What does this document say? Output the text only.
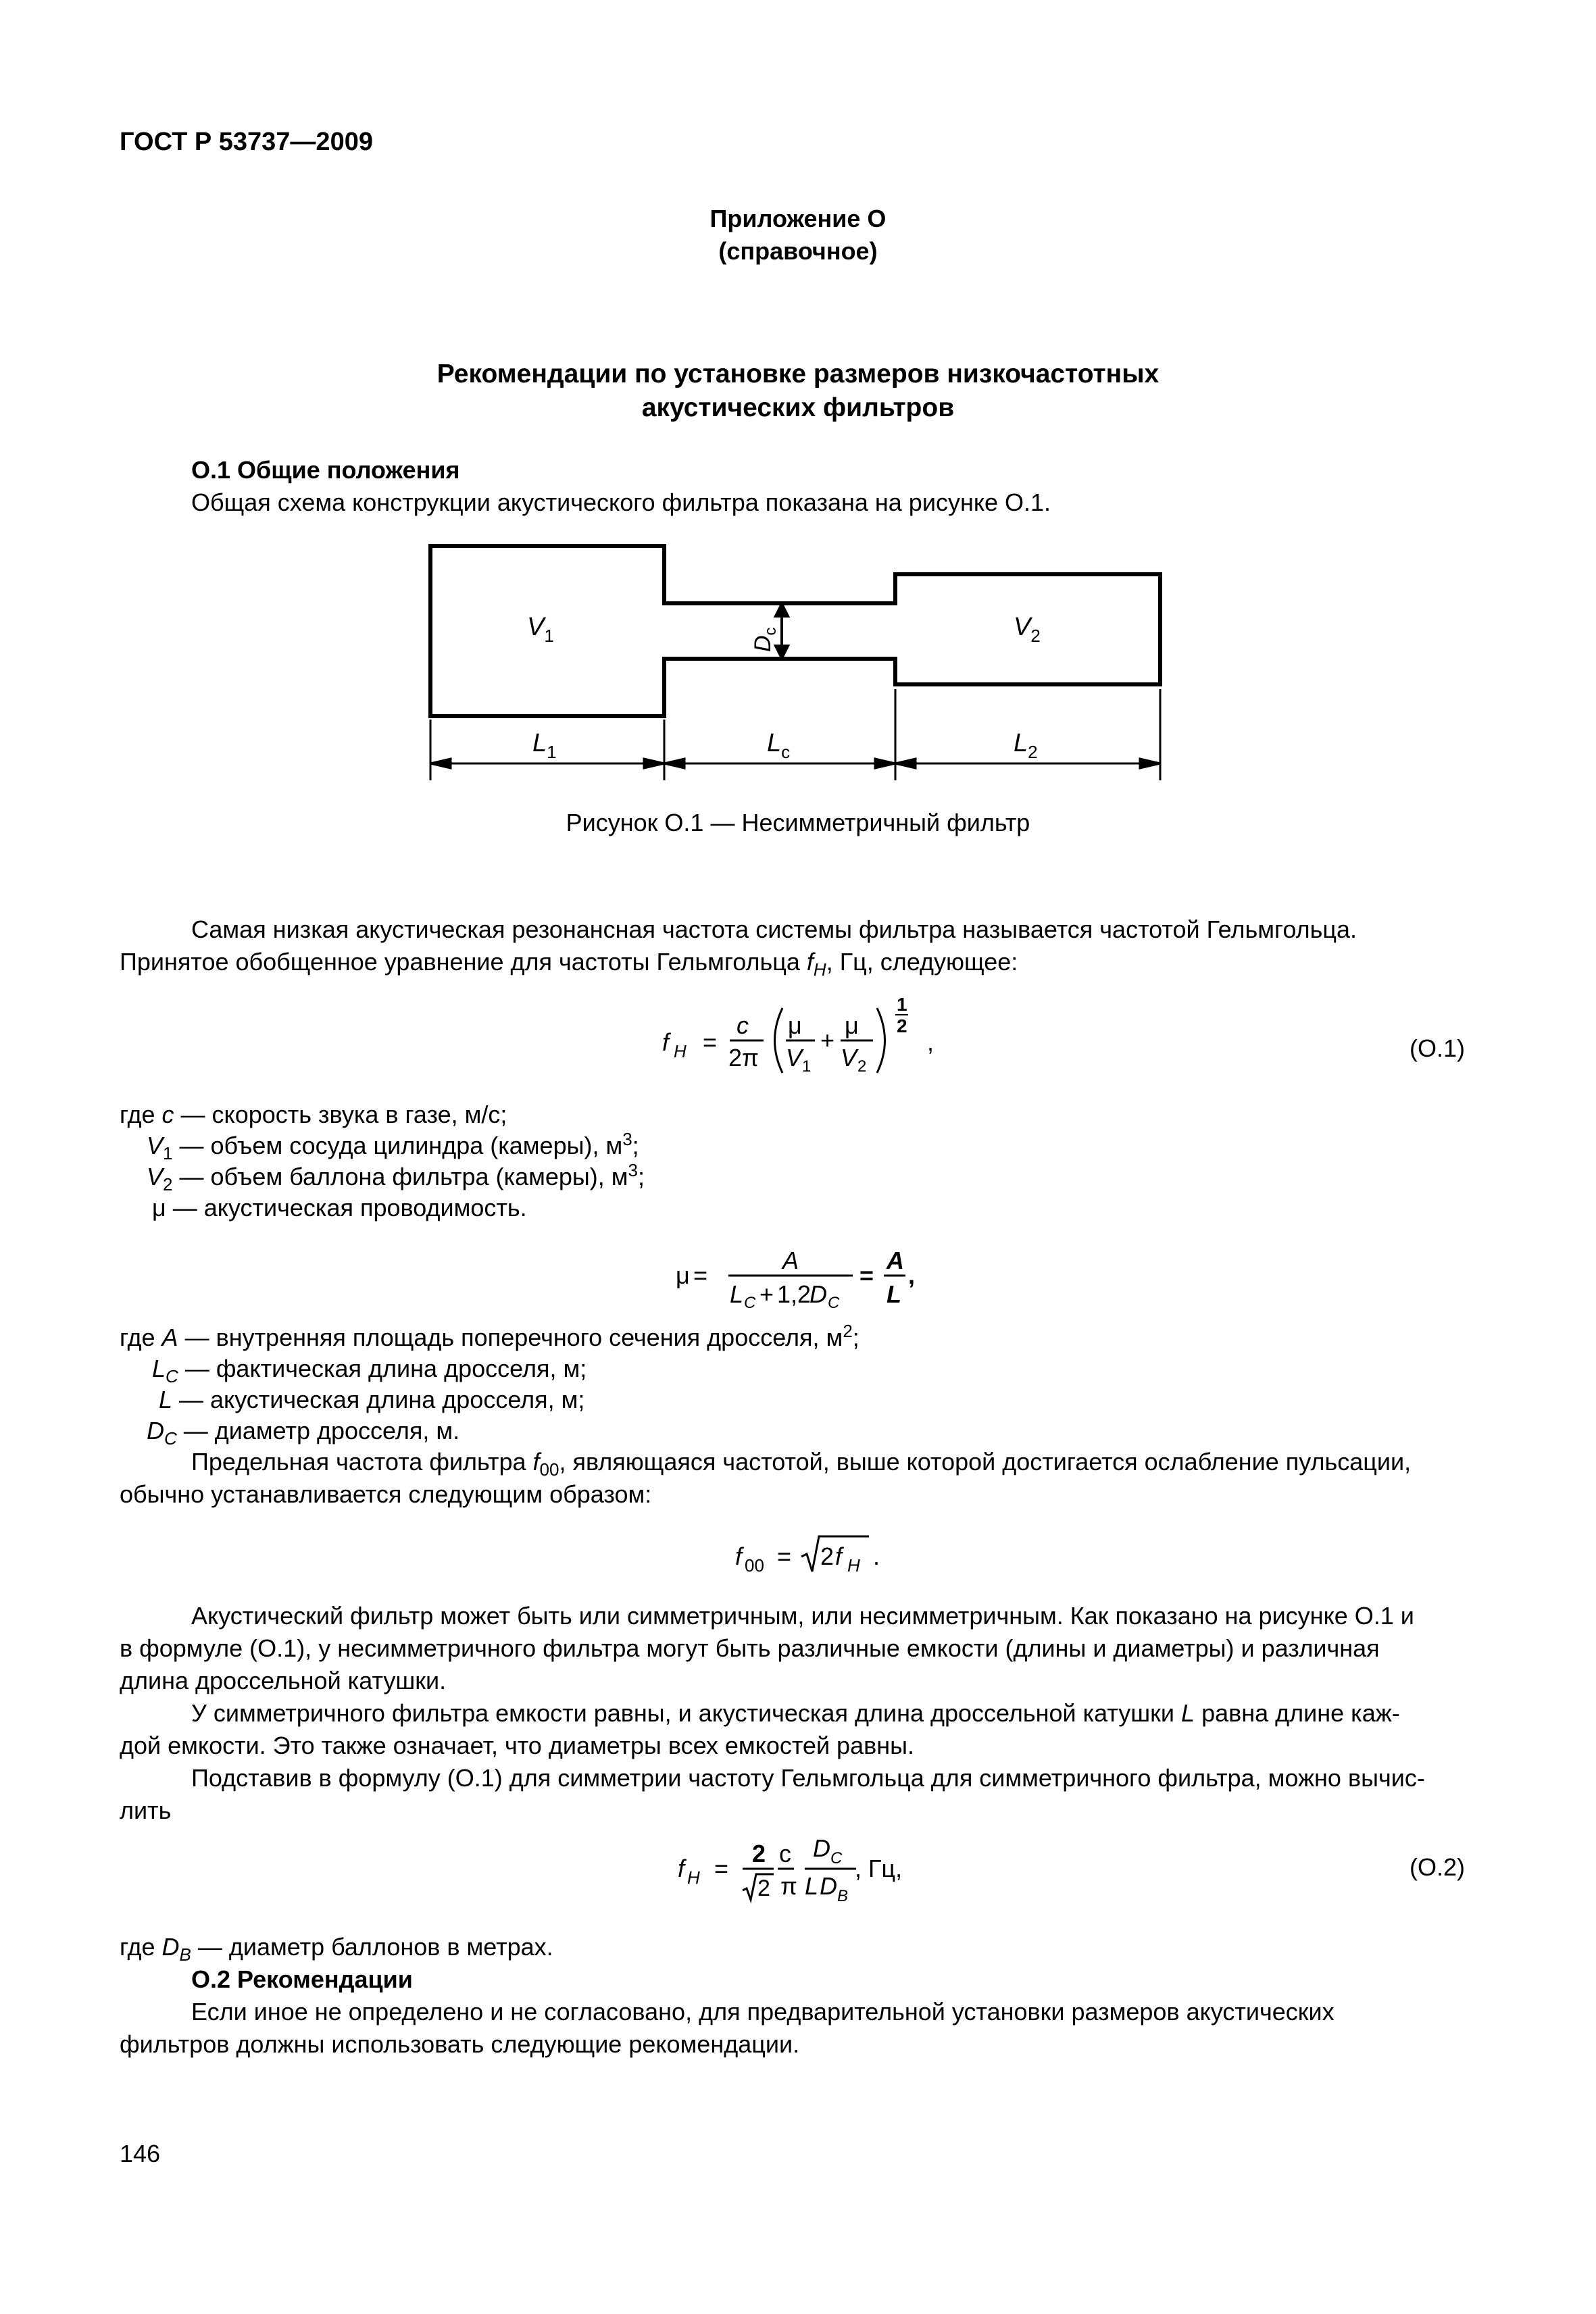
ГОСТ Р 53737—2009
Приложение О
(справочное)
Рекомендации по установке размеров низкочастотных
акустических фильтров
О.1 Общие положения
Общая схема конструкции акустического фильтра показана на рисунке О.1.
$D_c$
$V_1$	$V_2$
$L_1$	$L_c$	$L_2$
Рисунок О.1 — Несимметричный фильтр
Самая низкая акустическая резонансная частота системы фильтра называется частотой Гельмгольца.
Принятое обобщенное уравнение для частоты Гельмгольца $f_H$, Гц, следующее:
f H =
c
2π
μ
V 1
+
μ
V 2
1
2
,	(О.1)
где c — скорость звука в газе, м/с;
$V_1$ — объем сосуда цилиндра (камеры), $м^3$;
$V_2$ — объем баллона фильтра (камеры), $м^3$;
μ — акустическая проводимость.
μ =
A
L C + 1,2
D C
=
A
L
,
где A — внутренняя площадь поперечного сечения дросселя, $м^2$;
$L_C$ — фактическая длина дросселя, м;
L — акустическая длина дросселя, м;
$D_C$ — диаметр дросселя, м.
Предельная частота фильтра $f_{00}$, являющаяся частотой, выше которой достигается ослабление пульсации,
обычно устанавливается следующим образом:
f 00 = 2 f H .
Акустический фильтр может быть или симметричным, или несимметричным. Как показано на рисунке О.1 и
в формуле (О.1), у несимметричного фильтра могут быть различные емкости (длины и диаметры) и различная
длина дроссельной катушки.
У симметричного фильтра емкости равны, и акустическая длина дроссельной катушки L равна длине каж-
дой емкости. Это также означает, что диаметры всех емкостей равны.
Подставив в формулу (О.1) для симметрии частоту Гельмгольца для симметричного фильтра, можно вычис-
лить
f H =
2
2
c
π
D C
L D B
, Гц,	(О.2)
где $D_B$ — диаметр баллонов в метрах.
О.2 Рекомендации
Если иное не определено и не согласовано, для предварительной установки размеров акустических
фильтров должны использовать следующие рекомендации.
146
